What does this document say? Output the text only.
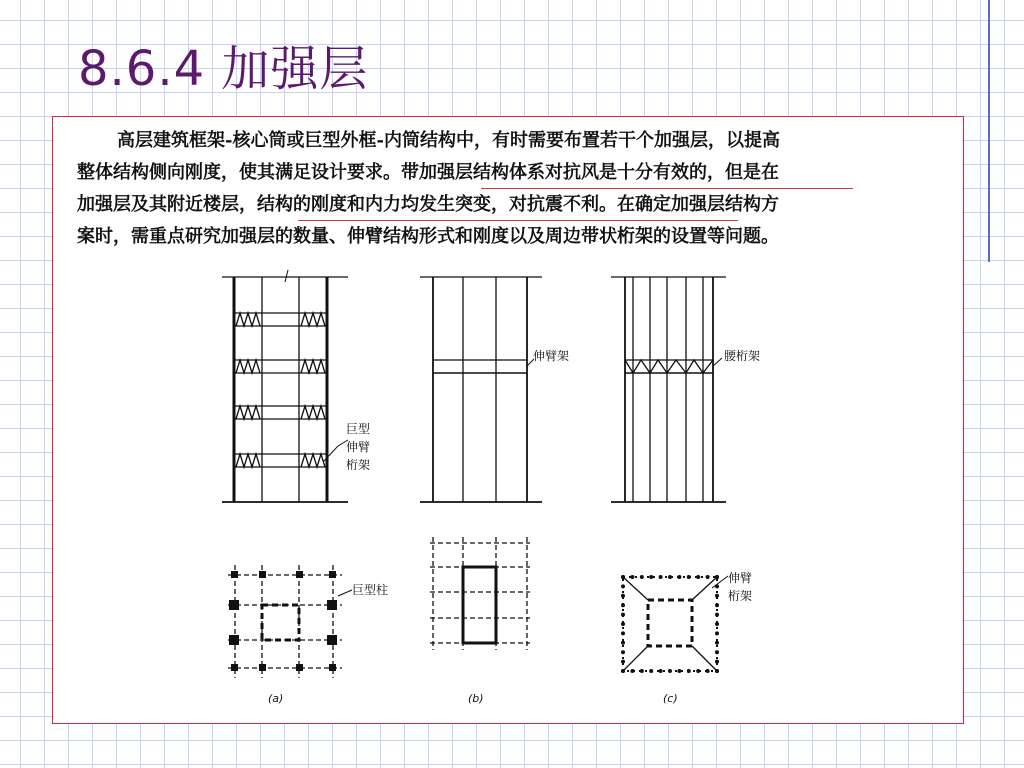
8.6.4 加强层

高层建筑框架-核心筒或巨型外框-内筒结构中，有时需要布置若干个加强层，以提高
整体结构侧向刚度，使其满足设计要求。带加强层结构体系对抗风是十分有效的，但是在
加强层及其附近楼层，结构的刚度和内力均发生突变，对抗震不利。在确定加强层结构方
案时，需重点研究加强层的数量、伸臂结构形式和刚度以及周边带状桁架的设置等问题。

巨型
伸臂
桁架
伸臂架	腰桁架
巨型柱
伸臂
桁架
(a)	(b)	(c)
